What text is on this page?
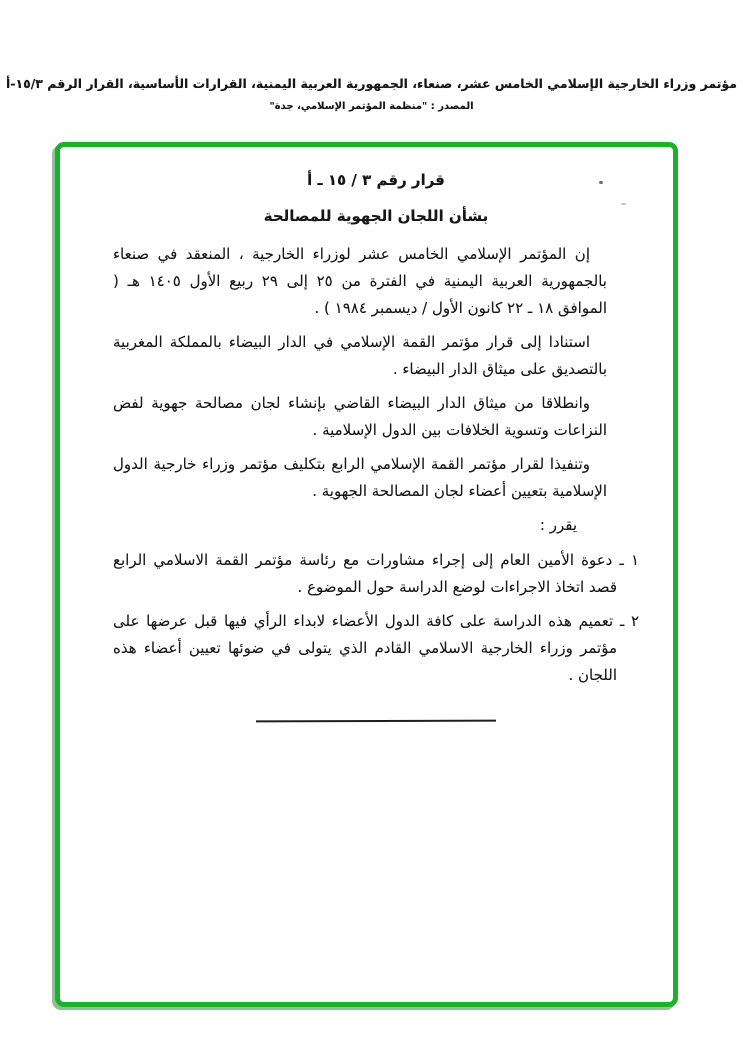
مؤتمر وزراء الخارجية الإسلامي الخامس عشر، صنعاء، الجمهورية العربية اليمنية، القرارات الأساسية، القرار الرقم ١٥/٣-أ
المصدر : "منظمة المؤتمر الإسلامي، جدة"
قرار رقم ٣ / ١٥ ـ أ
بشأن اللجان الجهوية للمصالحة

إن المؤتمر الإسلامي الخامس عشر لوزراء الخارجية ، المنعقد في صنعاء بالجمهورية العربية اليمنية في الفترة من ٢٥ إلى ٢٩ ربيع الأول ١٤٠٥ هـ ( الموافق ١٨ ـ ٢٢ كانون الأول / ديسمبر ١٩٨٤ ) .

استنادا إلى قرار مؤتمر القمة الإسلامي في الدار البيضاء بالمملكة المغربية بالتصديق على ميثاق الدار البيضاء .

وانطلاقا من ميثاق الدار البيضاء القاضي بإنشاء لجان مصالحة جهوية لفض النزاعات وتسوية الخلافات بين الدول الإسلامية .

وتنفيذا لقرار مؤتمر القمة الإسلامي الرابع بتكليف مؤتمر وزراء خارجية الدول الإسلامية بتعيين أعضاء لجان المصالحة الجهوية .

يقرر :

١ ـ دعوة الأمين العام إلى إجراء مشاورات مع رئاسة مؤتمر القمة الاسلامي الرابع قصد اتخاذ الاجراءات لوضع الدراسة حول الموضوع .

٢ ـ تعميم هذه الدراسة على كافة الدول الأعضاء لابداء الرأي فيها قبل عرضها على مؤتمر وزراء الخارجية الاسلامي القادم الذي يتولى في ضوئها تعيين أعضاء هذه اللجان .
